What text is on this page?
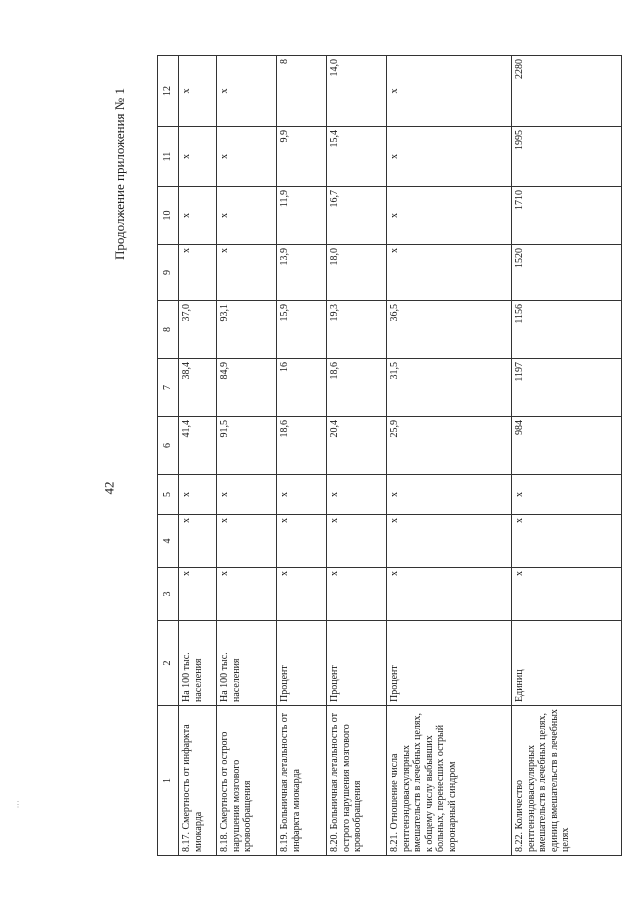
42
Продолжение приложения № 1
⋮
1	2	3	4	5	6	7	8	9	10	11	12
8.17. Смертность от инфаркта миокарда	На 100 тыс. населения	х	х	х	41,4	38,4	37,0	х	х	х	х
8.18. Смертность от острого нарушения мозгового кровообращения	На 100 тыс. населения	х	х	х	91,5	84,9	93,1	х	х	х	х
8.19. Больничная летальность от инфаркта миокарда	Процент	х	х	х	18,6	16	15,9	13,9	11,9	9,9	8
8.20. Больничная летальность от острого нарушения мозгового кровообращения	Процент	х	х	х	20,4	18,6	19,3	18,0	16,7	15,4	14,0
8.21. Отношение числа рентгенэндоваскулярных вмешательств в лечебных целях, к общему числу выбывших больных, перенесших острый коронарный синдром	Процент	х	х	х	25,9	31,5	36,5	х	х	х	х
8.22. Количество рентгенэндоваскулярных вмешательств в лечебных целях, единиц вмешательств в лечебных целях	Единиц	х	х	х	984	1197	1156	1520	1710	1995	2280
